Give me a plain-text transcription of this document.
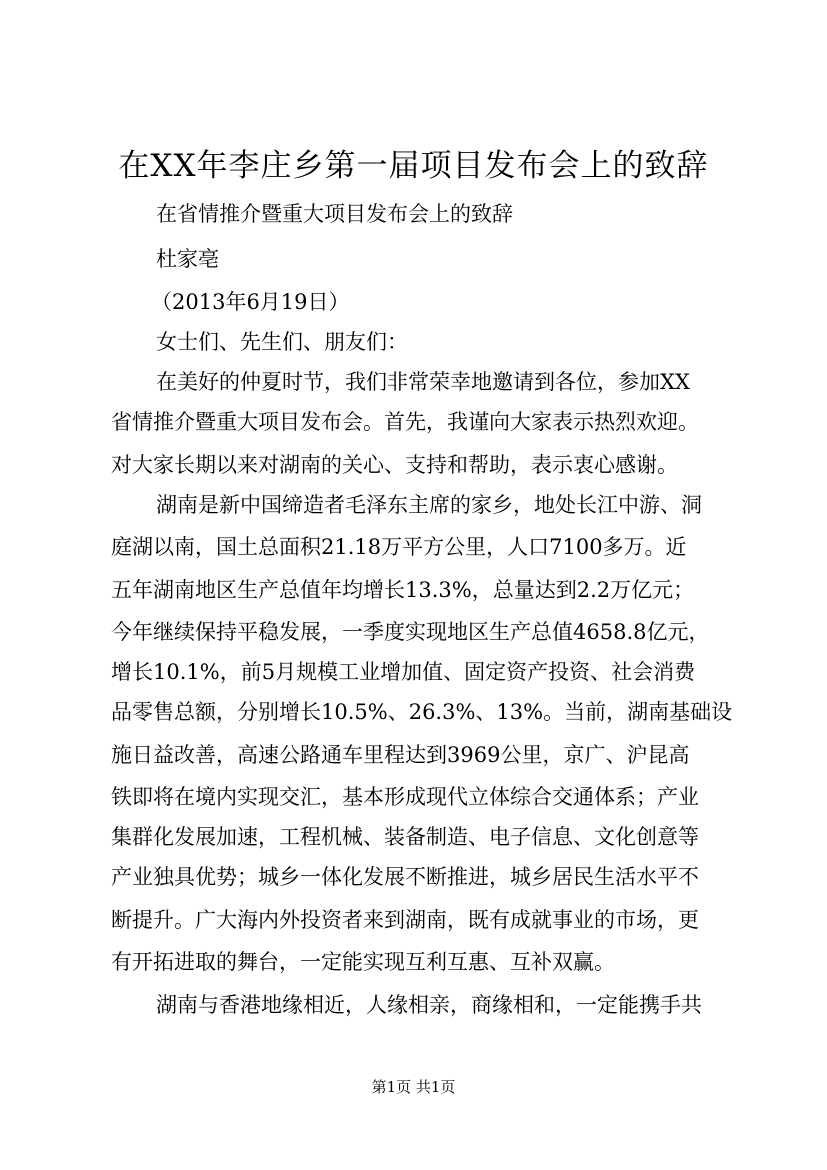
在XX年李庄乡第一届项目发布会上的致辞
在省情推介暨重大项目发布会上的致辞
杜家亳
（2013年6月19日）
女士们、先生们、朋友们：
在美好的仲夏时节，我们非常荣幸地邀请到各位，参加XX
省情推介暨重大项目发布会。首先，我谨向大家表示热烈欢迎。
对大家长期以来对湖南的关心、支持和帮助，表示衷心感谢。
湖南是新中国缔造者毛泽东主席的家乡，地处长江中游、洞
庭湖以南，国土总面积21.18万平方公里，人口7100多万。近
五年湖南地区生产总值年均增长13.3%，总量达到2.2万亿元；
今年继续保持平稳发展，一季度实现地区生产总值4658.8亿元，
增长10.1%，前5月规模工业增加值、固定资产投资、社会消费
品零售总额，分别增长10.5%、26.3%、13%。当前，湖南基础设
施日益改善，高速公路通车里程达到3969公里，京广、沪昆高
铁即将在境内实现交汇，基本形成现代立体综合交通体系；产业
集群化发展加速，工程机械、装备制造、电子信息、文化创意等
产业独具优势；城乡一体化发展不断推进，城乡居民生活水平不
断提升。广大海内外投资者来到湖南，既有成就事业的市场，更
有开拓进取的舞台，一定能实现互利互惠、互补双赢。
湖南与香港地缘相近，人缘相亲，商缘相和，一定能携手共
第1页 共1页
